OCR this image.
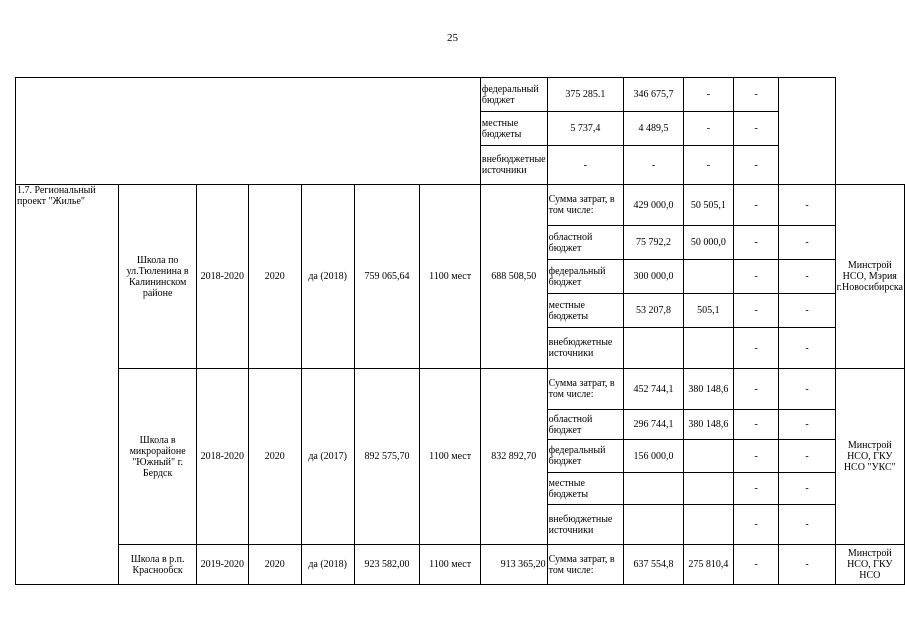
25
							федеральный бюджет	375 285.1	346 675,7	-	-		
							местные бюджеты	5 737,4	4 489,5	-	-		
							внебюджетные источники	-	-	-	-		
1.7. Региональный проект "Жилье"	Школа по ул.Тюленина в Калининском районе	2018-2020	2020	да (2018)	759 065,64	1100 мест	688 508,50	Сумма затрат, в том числе:	429 000,0	50 505,1	-	-	Минстрой НСО, Мэрия г.Новосибирска
								областной бюджет	75 792,2	50 000,0	-	-	
								федеральный бюджет	300 000,0		-	-	
								местные бюджеты	53 207,8	505,1	-	-	
								внебюджетные источники			-	-	
	Школа в микрорайоне "Южный" г. Бердск	2018-2020	2020	да (2017)	892 575,70	1100 мест	832 892,70	Сумма затрат, в том числе:	452 744,1	380 148,6	-	-	Минстрой НСО, ГКУ НСО "УКС"
								областной бюджет	296 744,1	380 148,6	-	-	
								федеральный бюджет	156 000,0		-	-	
								местные бюджеты			-	-	
								внебюджетные источники			-	-	
	Школа в р.п. Краснообск	2019-2020	2020	да (2018)	923 582,00	1100 мест	913 365,20	Сумма затрат, в том числе:	637 554,8	275 810,4	-	-	Минстрой НСО, ГКУ НСО
